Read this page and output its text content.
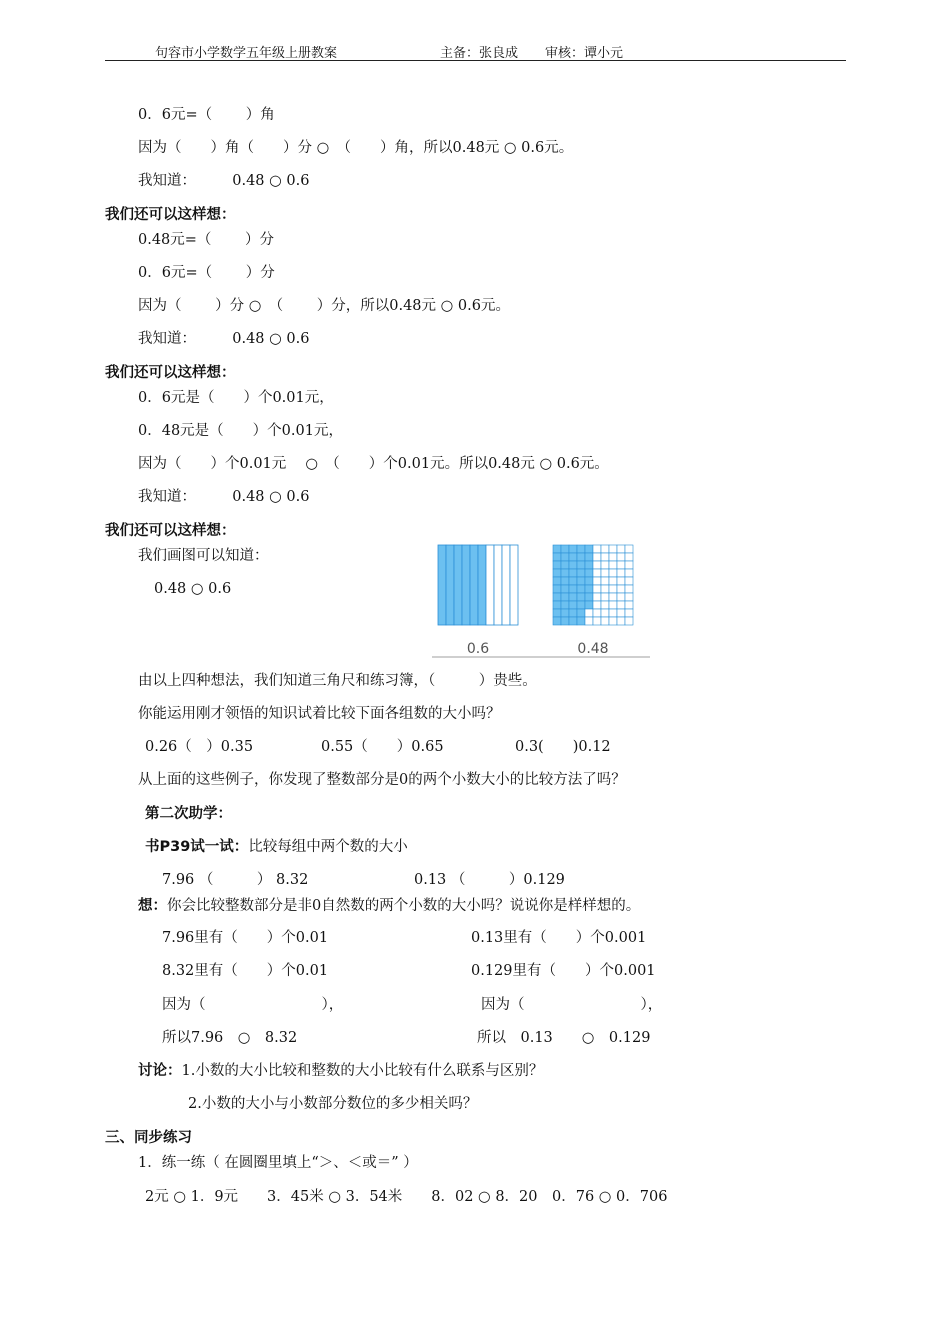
句容市小学数学五年级上册教案	主备：张良成 审核：谭小元
0．6元=（　　 ）角
因为（　　）角（　　）分 ○　（　　）角，所以0.48元 ○ 0.6元。
我知道：　　　0.48 ○ 0.6
我们还可以这样想：
0.48元=（　　 ）分
0．6元=（　　 ）分
因为（　　 ）分 ○　（　　 ）分，所以0.48元 ○ 0.6元。
我知道：　　　0.48 ○ 0.6
我们还可以这样想：
0．6元是（　　）个0.01元，
0．48元是（　　）个0.01元，
因为（　　）个0.01元　 ○　（　　）个0.01元。所以0.48元 ○ 0.6元。
我知道：　　　0.48 ○ 0.6
我们还可以这样想：
我们画图可以知道：
0.48 ○ 0.6
0.6	0.48
由以上四种想法，我们知道三角尺和练习簿，（　　　）贵些。
你能运用刚才领悟的知识试着比较下面各组数的大小吗？
0.26（　）0.35	0.55（　　）0.65	0.3(　　)0.12
从上面的这些例子，你发现了整数部分是0的两个小数大小的比较方法了吗？
第二次助学：
书P39试一试：比较每组中两个数的大小
7.96 （　　　） 8.32	0.13 （　　　）0.129
想：你会比较整数部分是非0自然数的两个小数的大小吗？说说你是样样想的。
7.96里有（　　）个0.01	0.13里有（　　）个0.001
8.32里有（　　）个0.01	0.129里有（　　）个0.001
因为（　　　　　　　　），	因为（　　　　　　　　），
所以7.96　○　8.32	所以　0.13　　○　0.129
讨论：1.小数的大小比较和整数的大小比较有什么联系与区别？
2.小数的大小与小数部分数位的多少相关吗？
三、同步练习
1．练一练（ 在圆圈里填上“＞、＜或＝” ）
2元 ○ 1．9元　　3．45米 ○ 3．54米　　8．02 ○ 8．20　0．76 ○ 0．706
